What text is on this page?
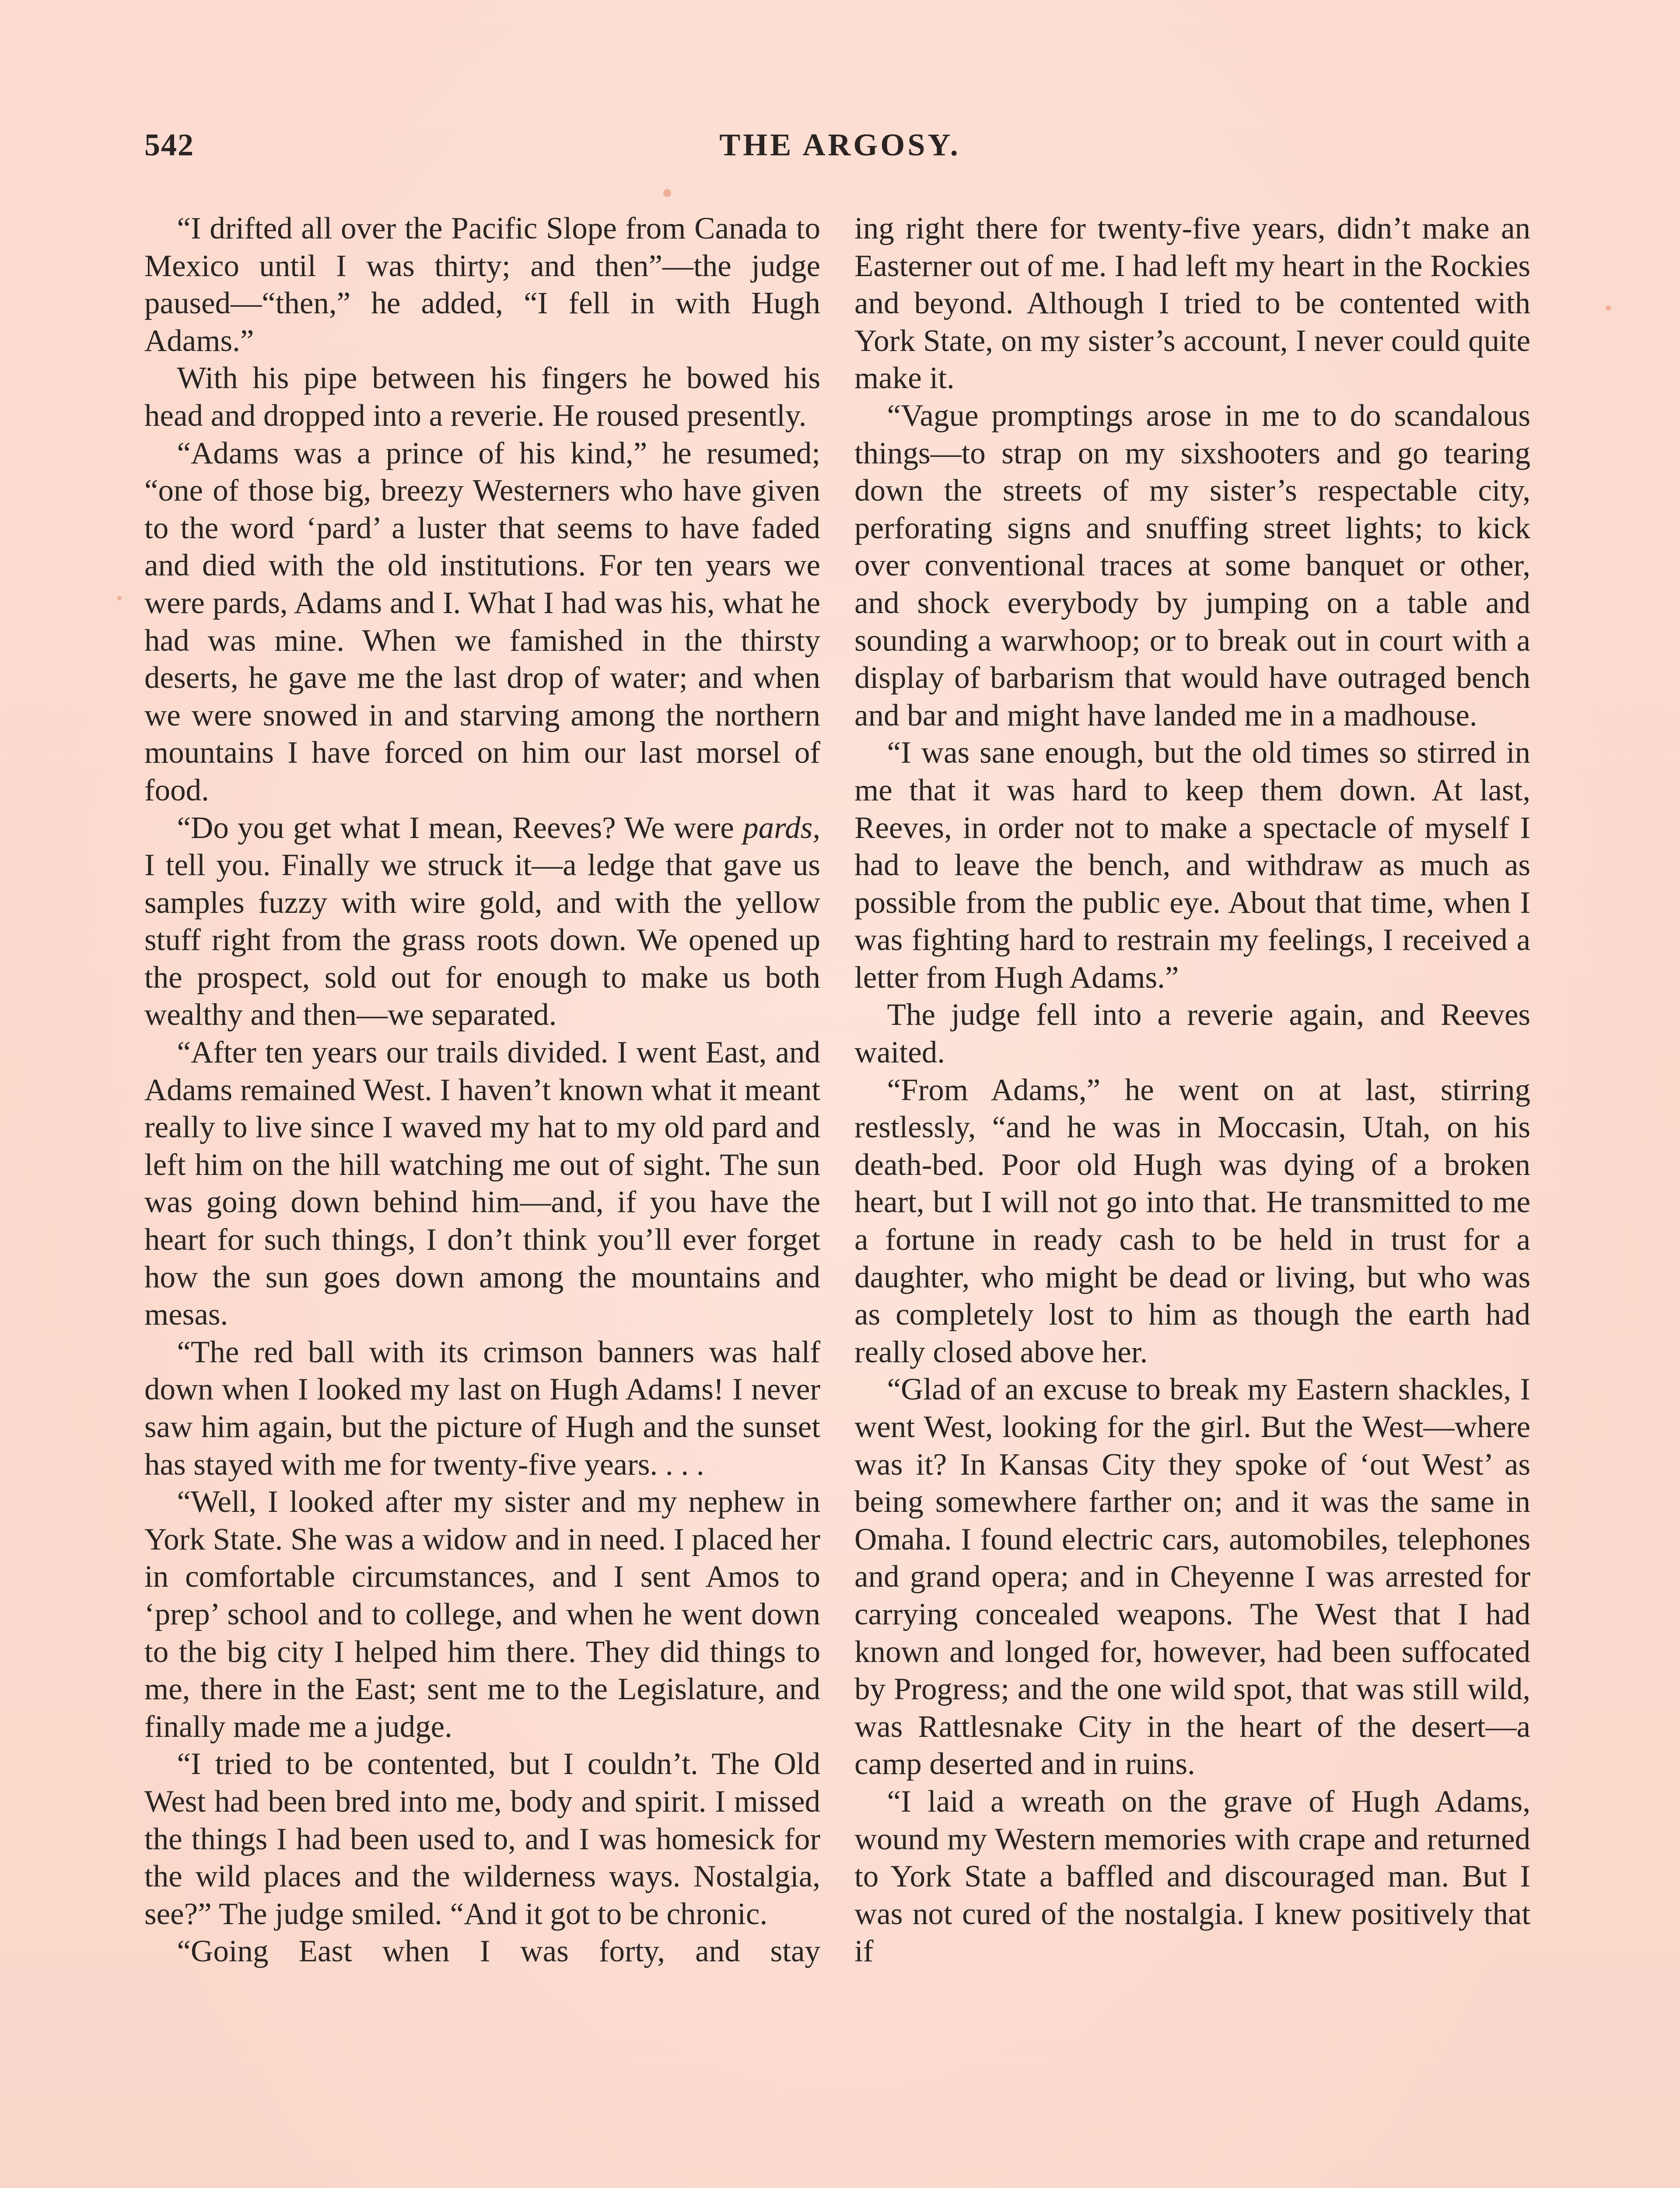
542	THE ARGOSY.

“I drifted all over the Pacific Slope from Canada to Mexico until I was thirty; and then”—the judge paused—“then,” he added, “I fell in with Hugh Adams.”

With his pipe between his fingers he bowed his head and dropped into a reverie. He roused presently.

“Adams was a prince of his kind,” he resumed; “one of those big, breezy Westerners who have given to the word ‘pard’ a luster that seems to have faded and died with the old institutions. For ten years we were pards, Adams and I. What I had was his, what he had was mine. When we famished in the thirsty deserts, he gave me the last drop of water; and when we were snowed in and starving among the northern mountains I have forced on him our last morsel of food.

“Do you get what I mean, Reeves? We were pards, I tell you. Finally we struck it—a ledge that gave us samples fuzzy with wire gold, and with the yellow stuff right from the grass roots down. We opened up the prospect, sold out for enough to make us both wealthy and then—we separated.

“After ten years our trails divided. I went East, and Adams remained West. I haven’t known what it meant really to live since I waved my hat to my old pard and left him on the hill watching me out of sight. The sun was going down behind him—and, if you have the heart for such things, I don’t think you’ll ever forget how the sun goes down among the mountains and mesas.

“The red ball with its crimson banners was half down when I looked my last on Hugh Adams! I never saw him again, but the picture of Hugh and the sunset has stayed with me for twenty-five years. . . .

“Well, I looked after my sister and my nephew in York State. She was a widow and in need. I placed her in comfortable circumstances, and I sent Amos to ‘prep’ school and to college, and when he went down to the big city I helped him there. They did things to me, there in the East; sent me to the Legislature, and finally made me a judge.

“I tried to be contented, but I couldn’t. The Old West had been bred into me, body and spirit. I missed the things I had been used to, and I was homesick for the wild places and the wilderness ways. Nostalgia, see?” The judge smiled. “And it got to be chronic.

“Going East when I was forty, and stay

ing right there for twenty-five years, didn’t make an Easterner out of me. I had left my heart in the Rockies and beyond. Although I tried to be contented with York State, on my sister’s account, I never could quite make it.

“Vague promptings arose in me to do scandalous things—to strap on my sixshooters and go tearing down the streets of my sister’s respectable city, perforating signs and snuffing street lights; to kick over conventional traces at some banquet or other, and shock everybody by jumping on a table and sounding a warwhoop; or to break out in court with a display of barbarism that would have outraged bench and bar and might have landed me in a madhouse.

“I was sane enough, but the old times so stirred in me that it was hard to keep them down. At last, Reeves, in order not to make a spectacle of myself I had to leave the bench, and withdraw as much as possible from the public eye. About that time, when I was fighting hard to restrain my feelings, I received a letter from Hugh Adams.”

The judge fell into a reverie again, and Reeves waited.

“From Adams,” he went on at last, stirring restlessly, “and he was in Moccasin, Utah, on his death-bed. Poor old Hugh was dying of a broken heart, but I will not go into that. He transmitted to me a fortune in ready cash to be held in trust for a daughter, who might be dead or living, but who was as completely lost to him as though the earth had really closed above her.

“Glad of an excuse to break my Eastern shackles, I went West, looking for the girl. But the West—where was it? In Kansas City they spoke of ‘out West’ as being somewhere farther on; and it was the same in Omaha. I found electric cars, automobiles, telephones and grand opera; and in Cheyenne I was arrested for carrying concealed weapons. The West that I had known and longed for, however, had been suffocated by Progress; and the one wild spot, that was still wild, was Rattlesnake City in the heart of the desert—a camp deserted and in ruins.

“I laid a wreath on the grave of Hugh Adams, wound my Western memories with crape and returned to York State a baffled and discouraged man. But I was not cured of the nostalgia. I knew positively that if
